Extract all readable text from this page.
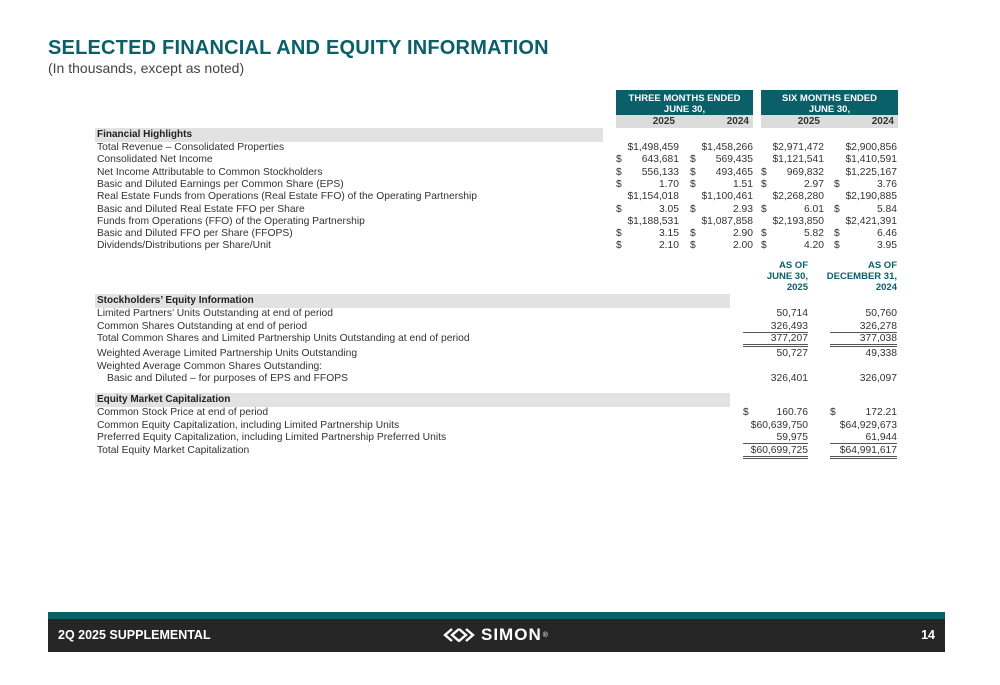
SELECTED FINANCIAL AND EQUITY INFORMATION
(In thousands, except as noted)
THREE MONTHS ENDED
JUNE 30,
SIX MONTHS ENDED
JUNE 30,
2025	2024	2025	2024
Financial Highlights
Total Revenue – Consolidated Properties	$1,498,459 $1,458,266 $2,971,472 $2,900,856
Consolidated Net Income	$ 643,681 $ 569,435 $1,121,541 $1,410,591
Net Income Attributable to Common Stockholders	$ 556,133 $ 493,465 $ 969,832 $1,225,167
Basic and Diluted Earnings per Common Share (EPS)	$	1.70 $	1.51 $	2.97 $	3.76
Real Estate Funds from Operations (Real Estate FFO) of the Operating Partnership	$1,154,018 $1,100,461 $2,268,280 $2,190,885
Basic and Diluted Real Estate FFO per Share	$	3.05 $	2.93 $	6.01 $	5.84
Funds from Operations (FFO) of the Operating Partnership	$1,188,531 $1,087,858 $2,193,850 $2,421,391
Basic and Diluted FFO per Share (FFOPS)	$	3.15 $	2.90 $	5.82 $	6.46
Dividends/Distributions per Share/Unit	$	2.10 $	2.00 $	4.20 $	3.95
AS OF
JUNE 30,
2025
AS OF
DECEMBER 31,
2024
Stockholders’ Equity Information
Limited Partners’ Units Outstanding at end of period	50,714	50,760
Common Shares Outstanding at end of period	326,493	326,278
Total Common Shares and Limited Partnership Units Outstanding at end of period	377,207	377,038
Weighted Average Limited Partnership Units Outstanding	50,727	49,338
Weighted Average Common Shares Outstanding:
Basic and Diluted – for purposes of EPS and FFOPS	326,401	326,097
Equity Market Capitalization
Common Stock Price at end of period	$	160.76 $	172.21
Common Equity Capitalization, including Limited Partnership Units	$60,639,750	$64,929,673
Preferred Equity Capitalization, including Limited Partnership Preferred Units	59,975	61,944
Total Equity Market Capitalization	$60,699,725	$64,991,617
2Q 2025 SUPPLEMENTAL	SIMON ®	14
